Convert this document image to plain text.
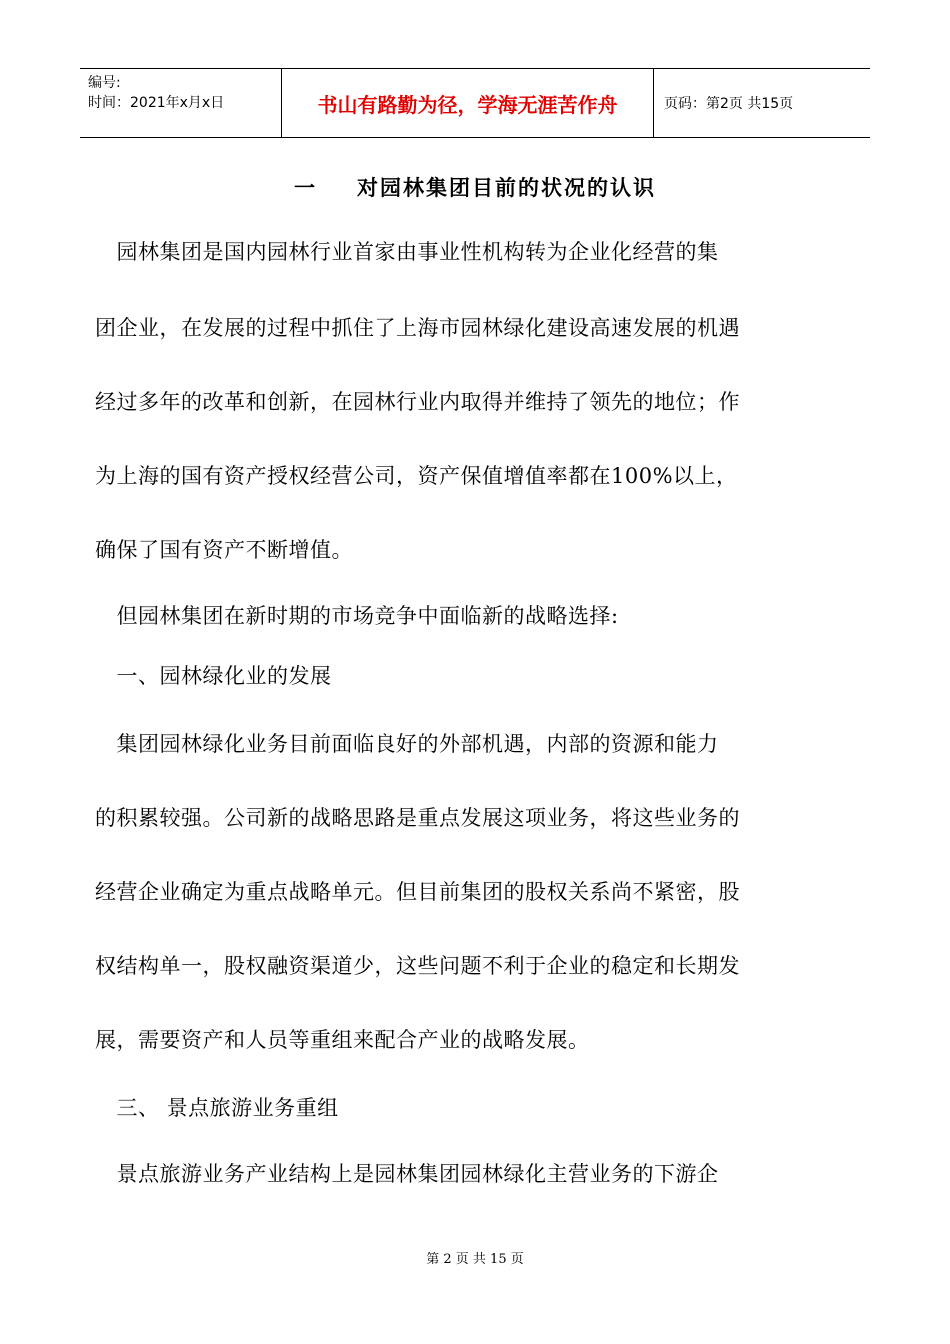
编号:
时间：2021年x月x日	书山有路勤为径，学海无涯苦作舟	页码：第2页 共15页
一 对园林集团目前的状况的认识
　园林集团是国内园林行业首家由事业性机构转为企业化经营的集
团企业，在发展的过程中抓住了上海市园林绿化建设高速发展的机遇
经过多年的改革和创新，在园林行业内取得并维持了领先的地位；作
为上海的国有资产授权经营公司，资产保值增值率都在100%以上，
确保了国有资产不断增值。
　但园林集团在新时期的市场竞争中面临新的战略选择:
　一、园林绿化业的发展
　集团园林绿化业务目前面临良好的外部机遇，内部的资源和能力
的积累较强。公司新的战略思路是重点发展这项业务，将这些业务的
经营企业确定为重点战略单元。但目前集团的股权关系尚不紧密，股
权结构单一，股权融资渠道少，这些问题不利于企业的稳定和长期发
展，需要资产和人员等重组来配合产业的战略发展。
　三、 景点旅游业务重组
　景点旅游业务产业结构上是园林集团园林绿化主营业务的下游企
第 2 页 共 15 页
